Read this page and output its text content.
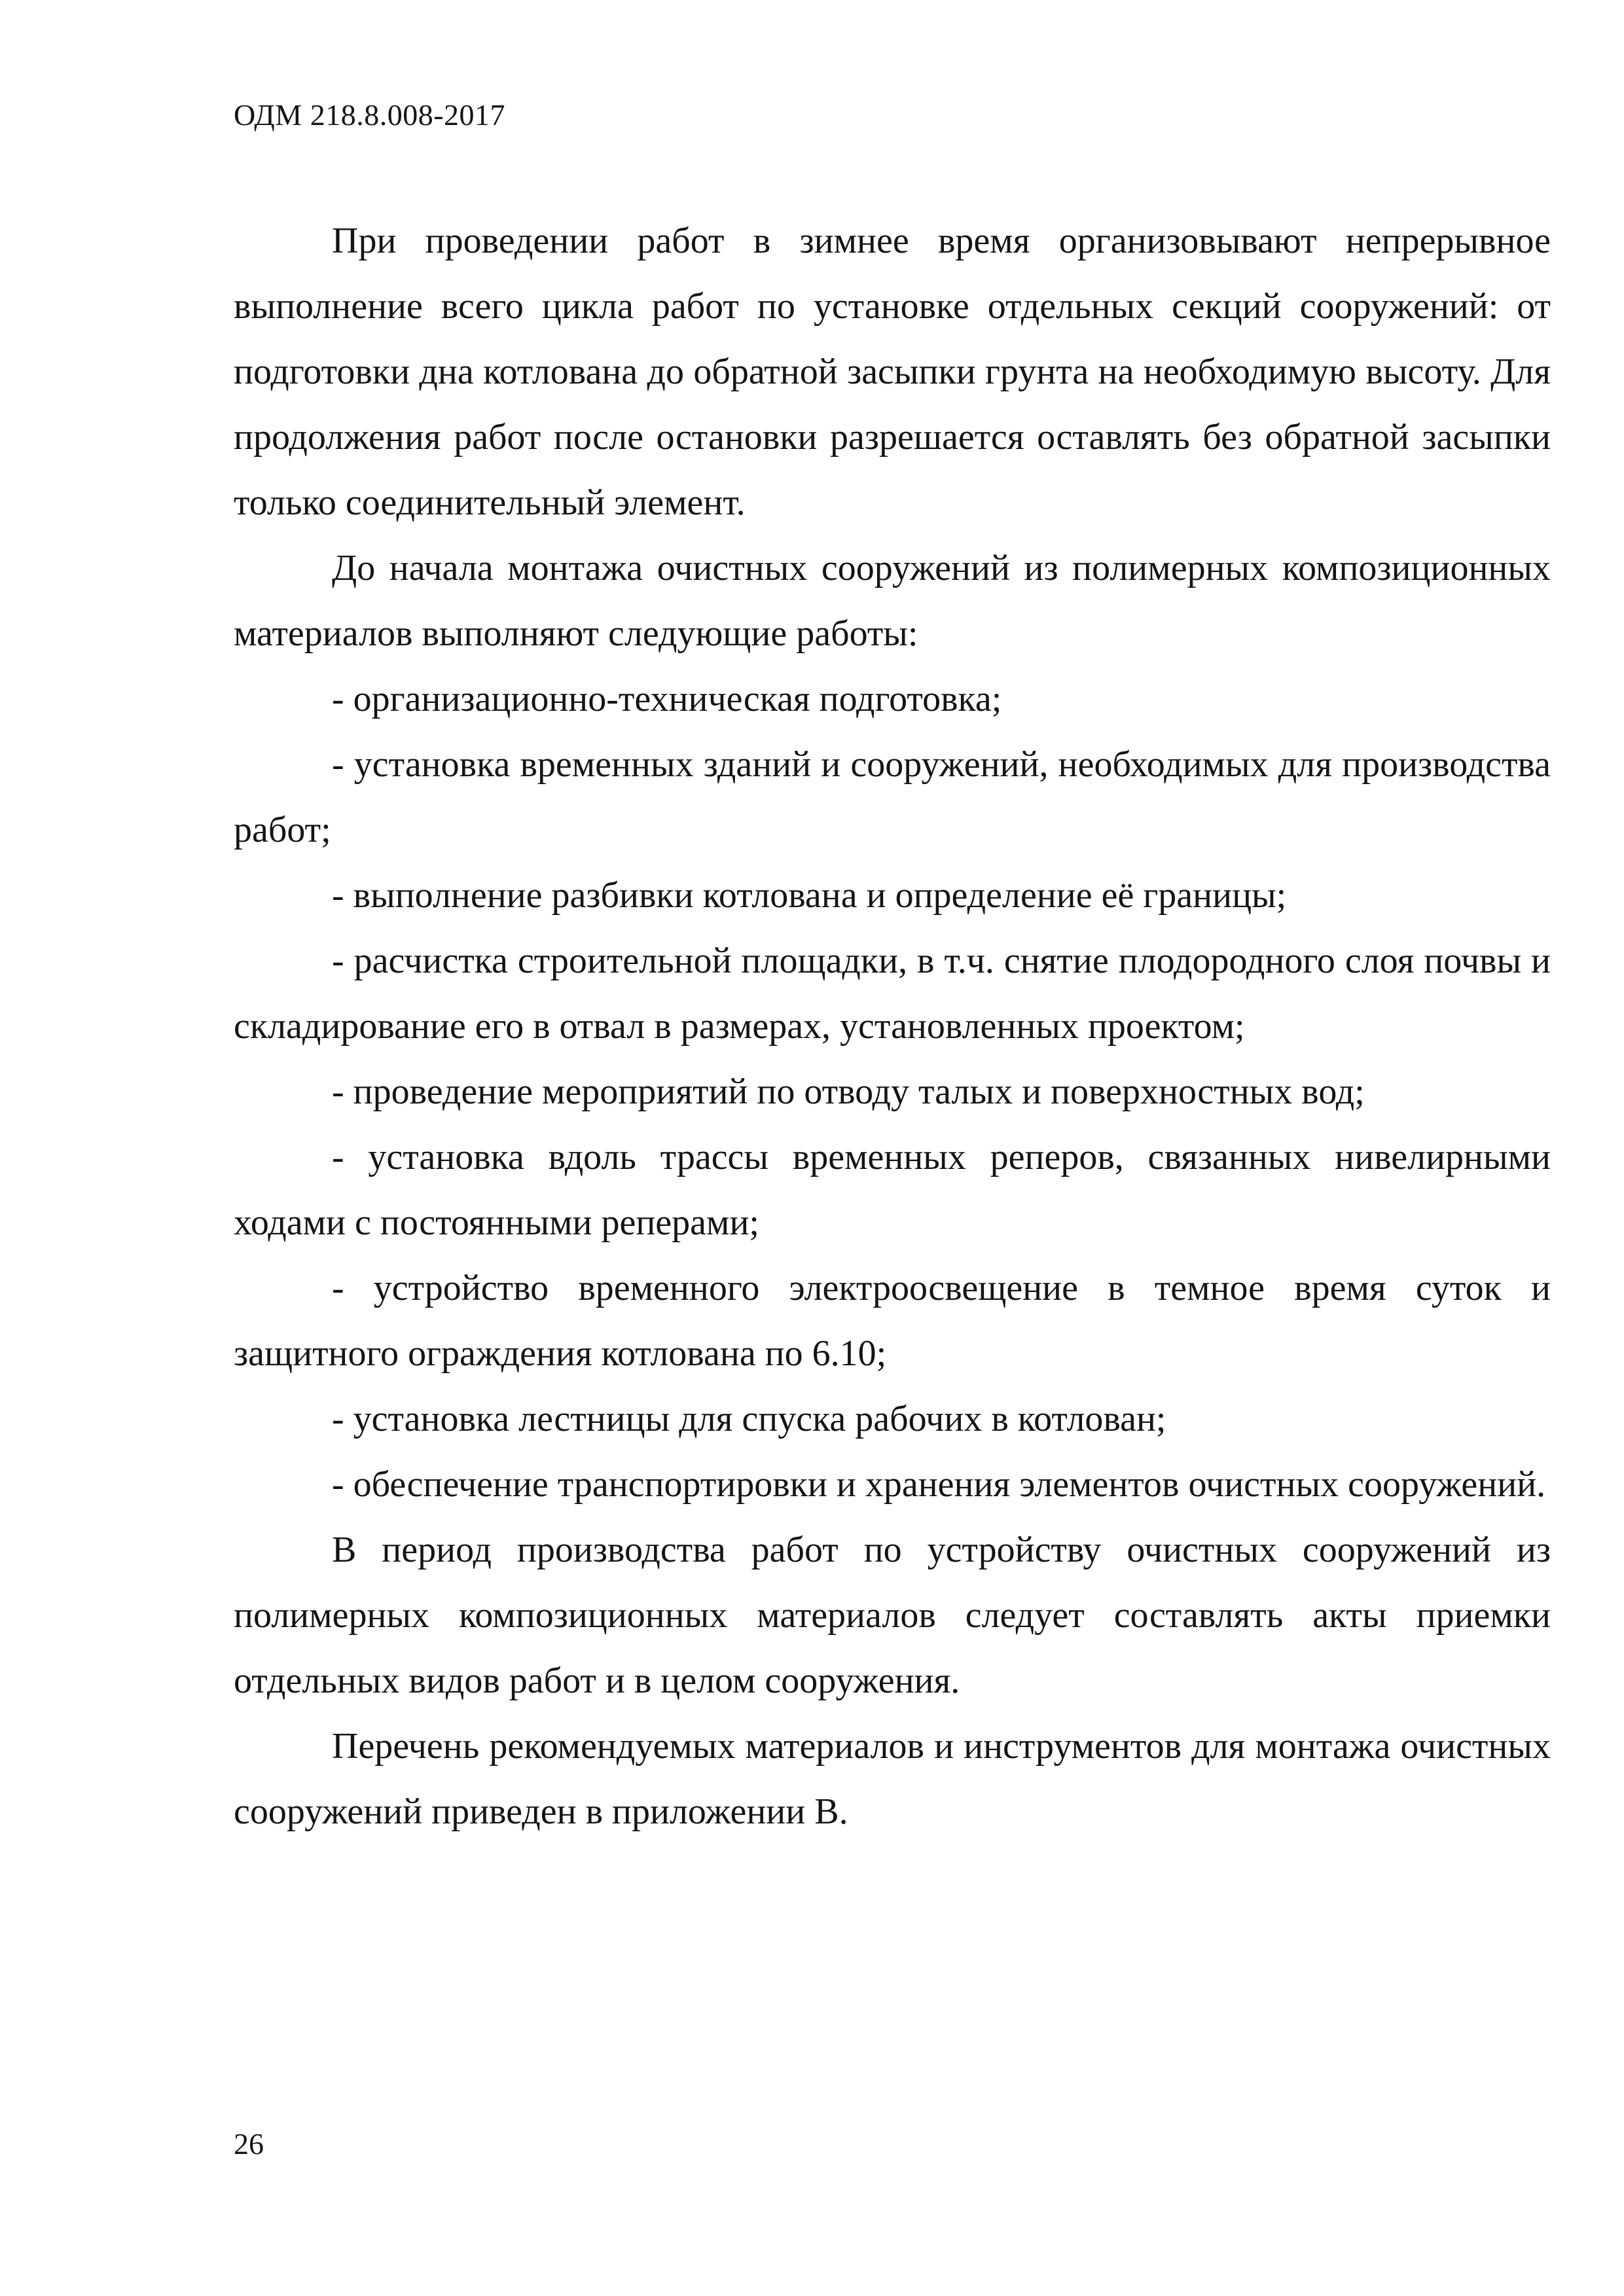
ОДМ 218.8.008-2017

При проведении работ в зимнее время организовывают непрерывное выполнение всего цикла работ по установке отдельных секций сооружений: от подготовки дна котлована до обратной засыпки грунта на необходимую высоту. Для продолжения работ после остановки разрешается оставлять без обратной засыпки только соединительный элемент.

До начала монтажа очистных сооружений из полимерных композиционных материалов выполняют следующие работы:

- организационно-техническая подготовка;

- установка временных зданий и сооружений, необходимых для производства работ;

- выполнение разбивки котлована и определение её границы;

- расчистка строительной площадки, в т.ч. снятие плодородного слоя почвы и складирование его в отвал в размерах, установленных проектом;

- проведение мероприятий по отводу талых и поверхностных вод;

- установка вдоль трассы временных реперов, связанных нивелирными ходами с постоянными реперами;

- устройство временного электроосвещение в темное время суток и защитного ограждения котлована по 6.10;

- установка лестницы для спуска рабочих в котлован;

- обеспечение транспортировки и хранения элементов очистных сооружений.

В период производства работ по устройству очистных сооружений из полимерных композиционных материалов следует составлять акты приемки отдельных видов работ и в целом сооружения.

Перечень рекомендуемых материалов и инструментов для монтажа очистных сооружений приведен в приложении В.

26
